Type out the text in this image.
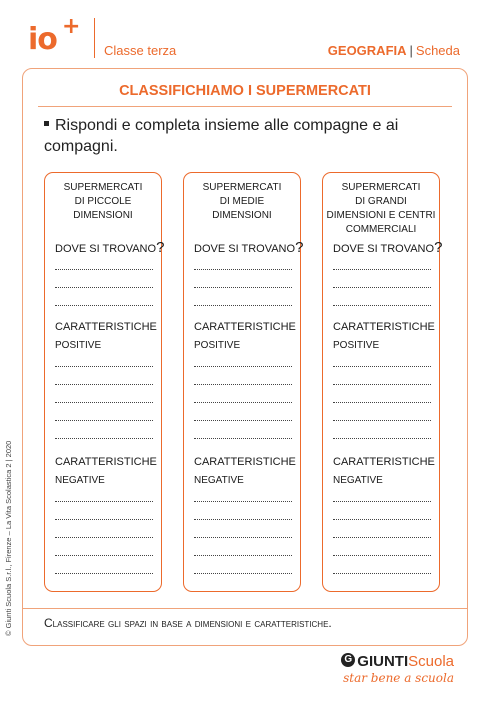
io +
Classe terza	GEOGRAFIA | Scheda
CLASSIFICHIAMO I SUPERMERCATI
Rispondi e completa insieme alle compagne e ai compagni.
SUPERMERCATI
DI PICCOLE
DIMENSIONI
DOVE SI TROVANO?
CARATTERISTICHE
POSITIVE
CARATTERISTICHE
NEGATIVE
SUPERMERCATI
DI MEDIE
DIMENSIONI
DOVE SI TROVANO?
CARATTERISTICHE
POSITIVE
CARATTERISTICHE
NEGATIVE
SUPERMERCATI
DI GRANDI
DIMENSIONI E CENTRI
COMMERCIALI
DOVE SI TROVANO?
CARATTERISTICHE
POSITIVE
CARATTERISTICHE
NEGATIVE
Classificare gli spazi in base a dimensioni e caratteristiche.
© Giunti Scuola S.r.l., Firenze – La Vita Scolastica 2 | 2020
G GIUNTIScuola
star bene a scuola
